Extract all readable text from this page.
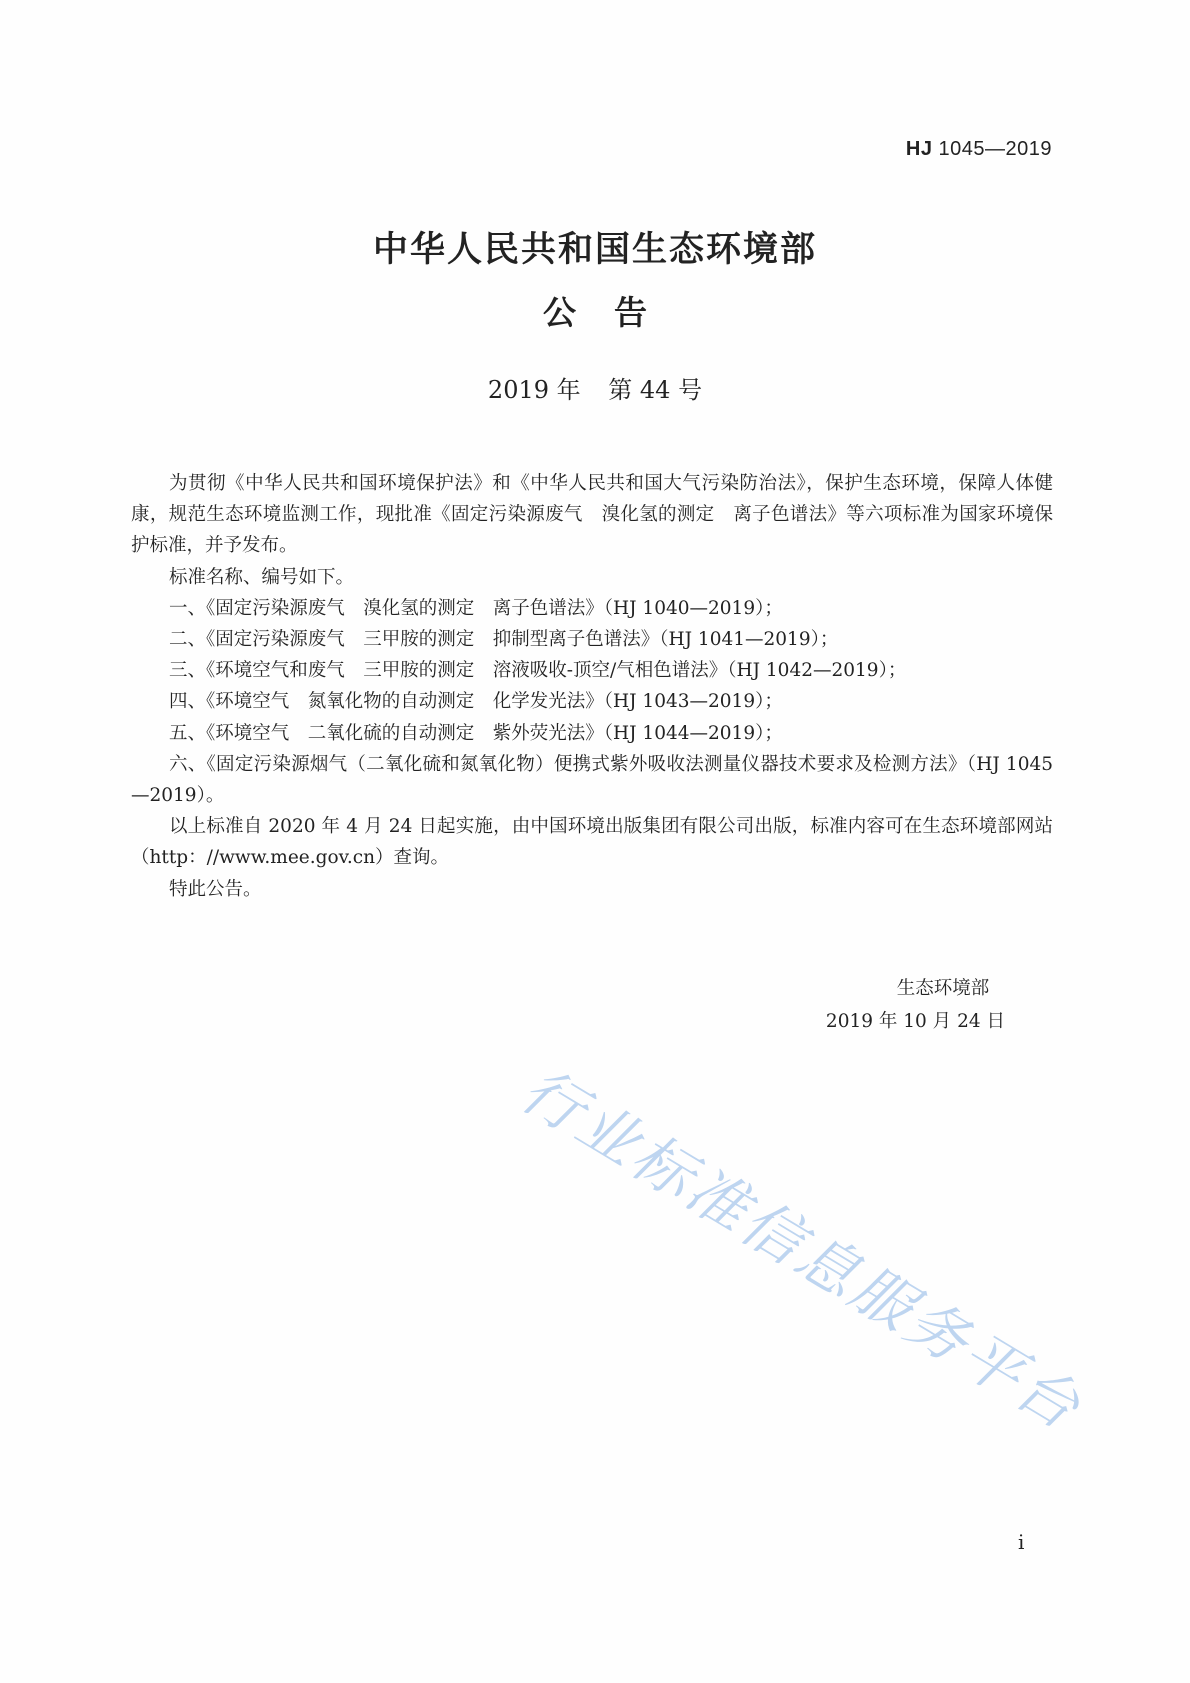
HJ 1045—2019
中华人民共和国生态环境部
公告
2019 年 第 44 号

为贯彻《中华人民共和国环境保护法》和《中华人民共和国大气污染防治法》，保护生态环境，保障人体健康，规范生态环境监测工作，现批准《固定污染源废气　溴化氢的测定　离子色谱法》等六项标准为国家环境保护标准，并予发布。

标准名称、编号如下。

一、《固定污染源废气　溴化氢的测定　离子色谱法》（HJ 1040—2019）；

二、《固定污染源废气　三甲胺的测定　抑制型离子色谱法》（HJ 1041—2019）；

三、《环境空气和废气　三甲胺的测定　溶液吸收-顶空/气相色谱法》（HJ 1042—2019）；

四、《环境空气　氮氧化物的自动测定　化学发光法》（HJ 1043—2019）；

五、《环境空气　二氧化硫的自动测定　紫外荧光法》（HJ 1044—2019）；

六、《固定污染源烟气（二氧化硫和氮氧化物）便携式紫外吸收法测量仪器技术要求及检测方法》（HJ 1045—2019）。

以上标准自 2020 年 4 月 24 日起实施，由中国环境出版集团有限公司出版，标准内容可在生态环境部网站（http：//www.mee.gov.cn）查询。

特此公告。

生态环境部
2019 年 10 月 24 日
行业标准信息服务平台
i
